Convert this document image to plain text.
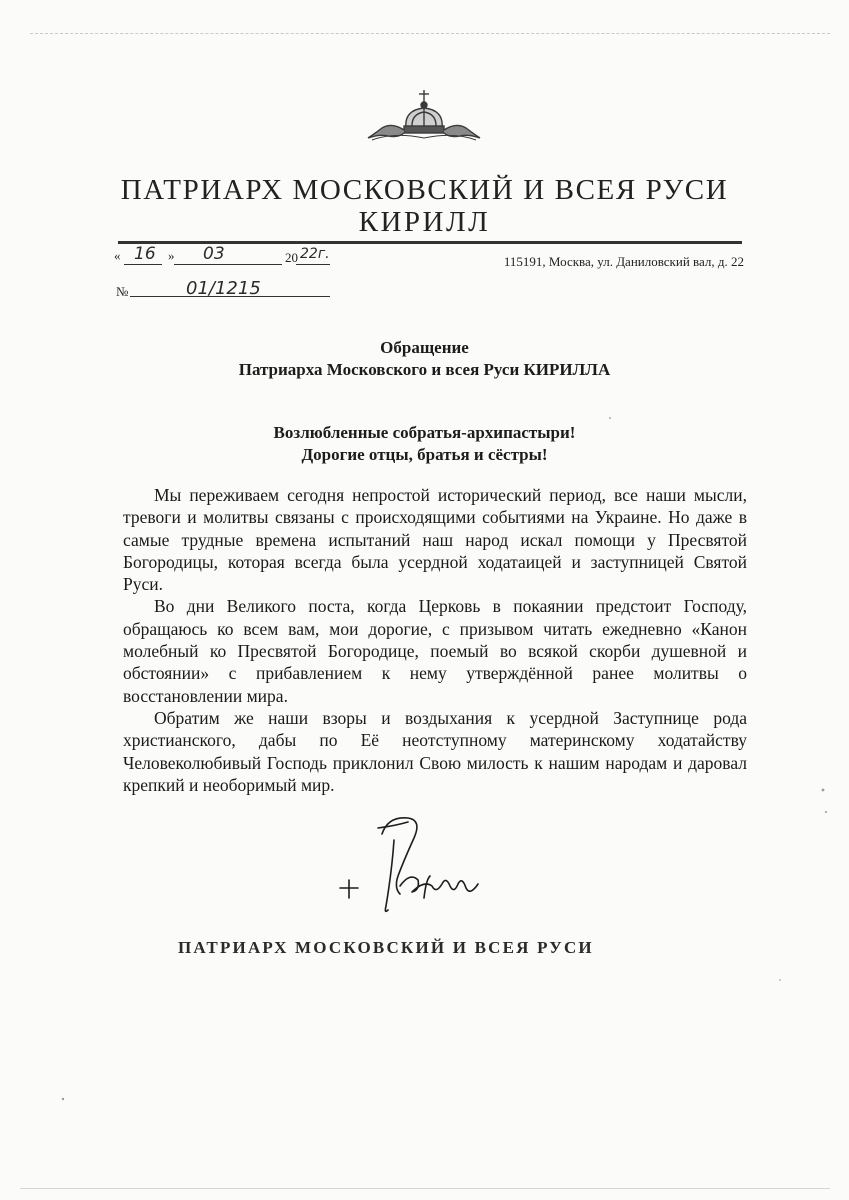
ПАТРИАРХ МОСКОВСКИЙ И ВСЕЯ РУСИ
КИРИЛЛ
« 16 » 03	20 22г.	115191, Москва, ул. Даниловский вал, д. 22
№	01/1215
Обращение
Патриарха Московского и всея Руси КИРИЛЛА
Возлюбленные собратья-архипастыри!
Дорогие отцы, братья и сёстры!

Мы переживаем сегодня непростой исторический период, все наши мысли, тревоги и молитвы связаны с происходящими событиями на Украине. Но даже в самые трудные времена испытаний наш народ искал помощи у Пресвятой Богородицы, которая всегда была усердной ходатаицей и заступницей Святой Руси.

Во дни Великого поста, когда Церковь в покаянии предстоит Господу, обращаюсь ко всем вам, мои дорогие, с призывом читать ежедневно «Канон молебный ко Пресвятой Богородице, поемый во всякой скорби душевной и обстоянии» с прибавлением к нему утверждённой ранее молитвы о восстановлении мира.

Обратим же наши взоры и воздыхания к усердной Заступнице рода христианского, дабы по Её неотступному материнскому ходатайству Человеколюбивый Господь приклонил Свою милость к нашим народам и даровал крепкий и необоримый мир.

ПАТРИАРХ МОСКОВСКИЙ И ВСЕЯ РУСИ
